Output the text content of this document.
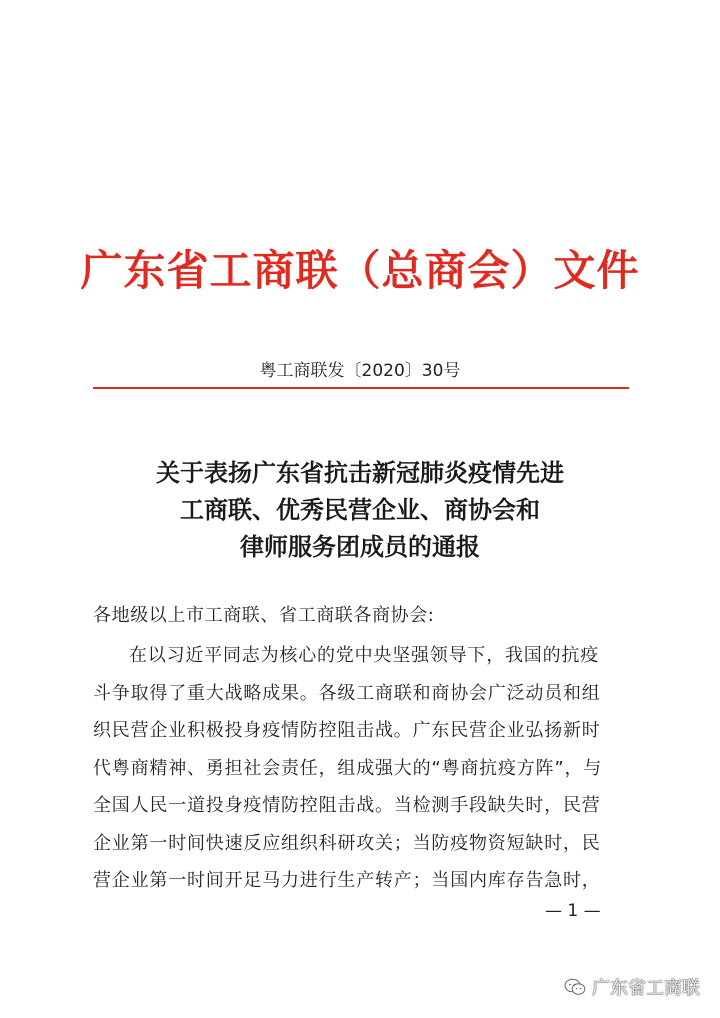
广东省工商联（总商会）文件
粤工商联发〔2020〕30号
关于表扬广东省抗击新冠肺炎疫情先进
工商联、优秀民营企业、商协会和
律师服务团成员的通报
各地级以上市工商联、省工商联各商协会:
在以习近平同志为核心的党中央坚强领导下，我国的抗疫
斗争取得了重大战略成果。各级工商联和商协会广泛动员和组
织民营企业积极投身疫情防控阻击战。广东民营企业弘扬新时
代粤商精神、勇担社会责任，组成强大的“粤商抗疫方阵”，与
全国人民一道投身疫情防控阻击战。当检测手段缺失时，民营
企业第一时间快速反应组织科研攻关；当防疫物资短缺时，民
营企业第一时间开足马力进行生产转产；当国内库存告急时，
— 1 —
广东省工商联
